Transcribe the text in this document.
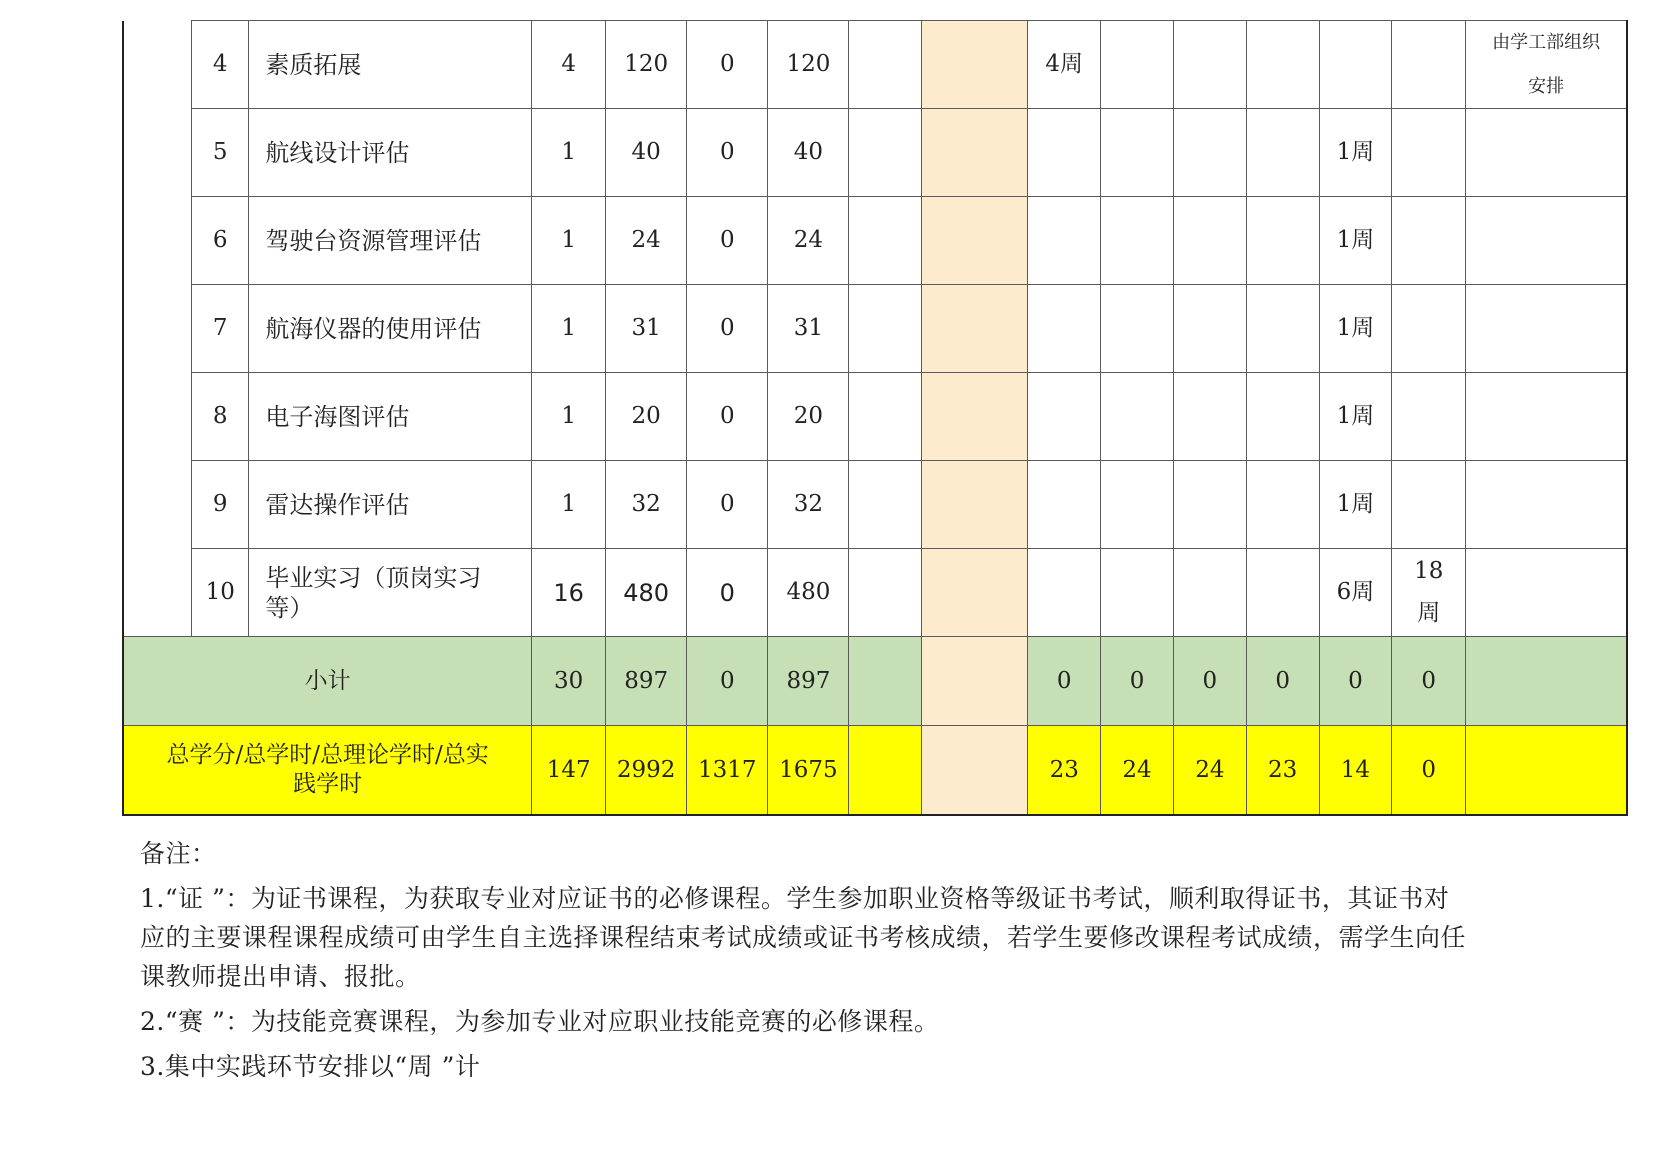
	4	素质拓展	4	120	0	120			4周						由学工部组织
安排
	5	航线设计评估	1	40	0	40							1周		
	6	驾驶台资源管理评估	1	24	0	24							1周		
	7	航海仪器的使用评估	1	31	0	31							1周		
	8	电子海图评估	1	20	0	20							1周		
	9	雷达操作评估	1	32	0	32							1周		
	10	毕业实习（顶岗实习
等）	16	480	0	480							6周	18
周	
小计			30	897	0	897			0	0	0	0	0	0	
总学分/总学时/总理论学时/总实
践学时			147	2992	1317	1675			23	24	24	23	14	0	

备注：

1.“证 ”：为证书课程，为获取专业对应证书的必修课程。学生参加职业资格等级证书考试，顺利取得证书，其证书对

应的主要课程课程成绩可由学生自主选择课程结束考试成绩或证书考核成绩，若学生要修改课程考试成绩，需学生向任

课教师提出申请、报批。

2.“赛 ”：为技能竞赛课程，为参加专业对应职业技能竞赛的必修课程。

3.集中实践环节安排以“周 ”计
